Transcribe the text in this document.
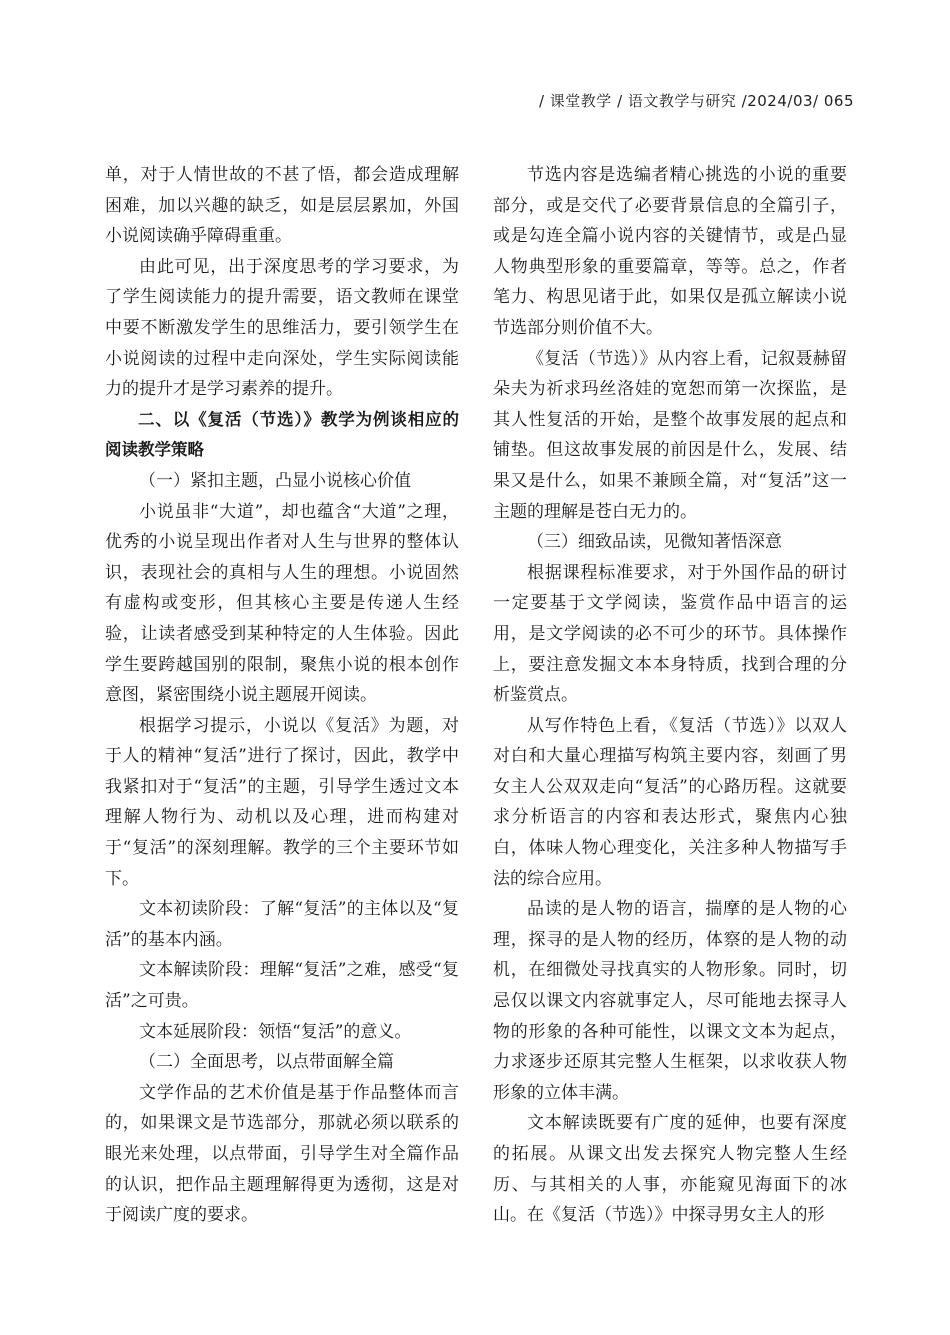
/ 课堂教学 / 语文教学与研究 /2024/03/ 065

单，对于人情世故的不甚了悟，都会造成理解困难，加以兴趣的缺乏，如是层层累加，外国小说阅读确乎障碍重重。

由此可见，出于深度思考的学习要求，为了学生阅读能力的提升需要，语文教师在课堂中要不断激发学生的思维活力，要引领学生在小说阅读的过程中走向深处，学生实际阅读能力的提升才是学习素养的提升。

二、以《复活（节选）》教学为例谈相应的阅读教学策略

（一）紧扣主题，凸显小说核心价值

小说虽非“大道”，却也蕴含“大道”之理，优秀的小说呈现出作者对人生与世界的整体认识，表现社会的真相与人生的理想。小说固然有虚构或变形，但其核心主要是传递人生经验，让读者感受到某种特定的人生体验。因此学生要跨越国别的限制，聚焦小说的根本创作意图，紧密围绕小说主题展开阅读。

根据学习提示，小说以《复活》为题，对于人的精神“复活”进行了探讨，因此，教学中我紧扣对于“复活”的主题，引导学生透过文本理解人物行为、动机以及心理，进而构建对于“复活”的深刻理解。教学的三个主要环节如下。

文本初读阶段：了解“复活”的主体以及“复活”的基本内涵。

文本解读阶段：理解“复活”之难，感受“复活”之可贵。

文本延展阶段：领悟“复活”的意义。

（二）全面思考，以点带面解全篇

文学作品的艺术价值是基于作品整体而言的，如果课文是节选部分，那就必须以联系的眼光来处理，以点带面，引导学生对全篇作品的认识，把作品主题理解得更为透彻，这是对于阅读广度的要求。

节选内容是选编者精心挑选的小说的重要部分，或是交代了必要背景信息的全篇引子，或是勾连全篇小说内容的关键情节，或是凸显人物典型形象的重要篇章，等等。总之，作者笔力、构思见诸于此，如果仅是孤立解读小说节选部分则价值不大。

《复活（节选）》从内容上看，记叙聂赫留朵夫为祈求玛丝洛娃的宽恕而第一次探监，是其人性复活的开始，是整个故事发展的起点和铺垫。但这故事发展的前因是什么，发展、结果又是什么，如果不兼顾全篇，对“复活”这一主题的理解是苍白无力的。

（三）细致品读，见微知著悟深意

根据课程标准要求，对于外国作品的研讨一定要基于文学阅读，鉴赏作品中语言的运用，是文学阅读的必不可少的环节。具体操作上，要注意发掘文本本身特质，找到合理的分析鉴赏点。

从写作特色上看，《复活（节选）》以双人对白和大量心理描写构筑主要内容，刻画了男女主人公双双走向“复活”的心路历程。这就要求分析语言的内容和表达形式，聚焦内心独白，体味人物心理变化，关注多种人物描写手法的综合应用。

品读的是人物的语言，揣摩的是人物的心理，探寻的是人物的经历，体察的是人物的动机，在细微处寻找真实的人物形象。同时，切忌仅以课文内容就事定人，尽可能地去探寻人物的形象的各种可能性，以课文文本为起点，力求逐步还原其完整人生框架，以求收获人物形象的立体丰满。

文本解读既要有广度的延伸，也要有深度的拓展。从课文出发去探究人物完整人生经历、与其相关的人事，亦能窥见海面下的冰山。在《复活（节选）》中探寻男女主人的形
